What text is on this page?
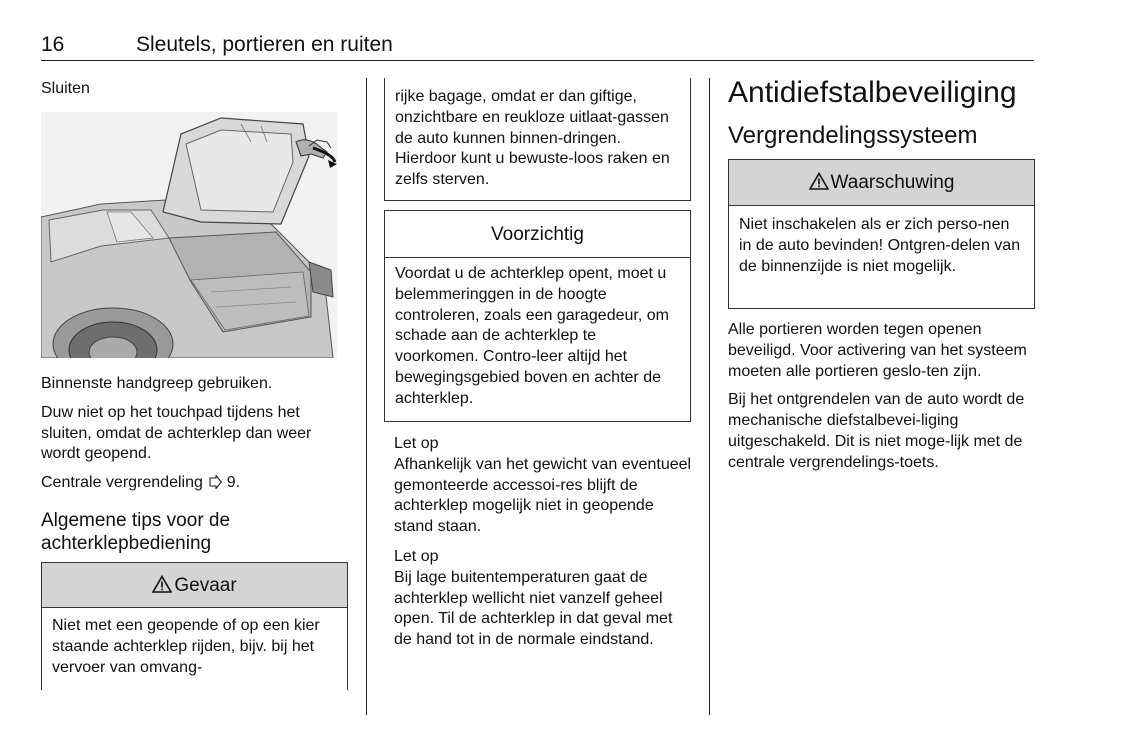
16	Sleutels, portieren en ruiten
Sluiten

Binnenste handgreep gebruiken.

Duw niet op het touchpad tijdens het sluiten, omdat de achterklep dan weer wordt geopend.

Centrale vergrendeling 9.

Algemene tips voor de
achterklepbediening
Gevaar
Niet met een geopende of op een kier staande achterklep rijden, bijv. bij het vervoer van omvang-
rijke bagage, omdat er dan giftige, onzichtbare en reukloze uitlaat-gassen de auto kunnen binnen-dringen. Hierdoor kunt u bewuste-loos raken en zelfs sterven.
Voorzichtig
Voordat u de achterklep opent, moet u belemmeringgen in de hoogte controleren, zoals een garagedeur, om schade aan de achterklep te voorkomen. Contro-leer altijd het bewegingsgebied boven en achter de achterklep.
Let op

Afhankelijk van het gewicht van eventueel gemonteerde accessoi-res blijft de achterklep mogelijk niet in geopende stand staan.

Let op

Bij lage buitentemperaturen gaat de achterklep wellicht niet vanzelf geheel open. Til de achterklep in dat geval met de hand tot in de normale eindstand.

Antidiefstalbeveiliging
Vergrendelingssysteem
Waarschuwing
Niet inschakelen als er zich perso-nen in de auto bevinden! Ontgren-delen van de binnenzijde is niet mogelijk.

Alle portieren worden tegen openen beveiligd. Voor activering van het systeem moeten alle portieren geslo-ten zijn.

Bij het ontgrendelen van de auto wordt de mechanische diefstalbevei-liging uitgeschakeld. Dit is niet moge-lijk met de centrale vergrendelings-toets.
